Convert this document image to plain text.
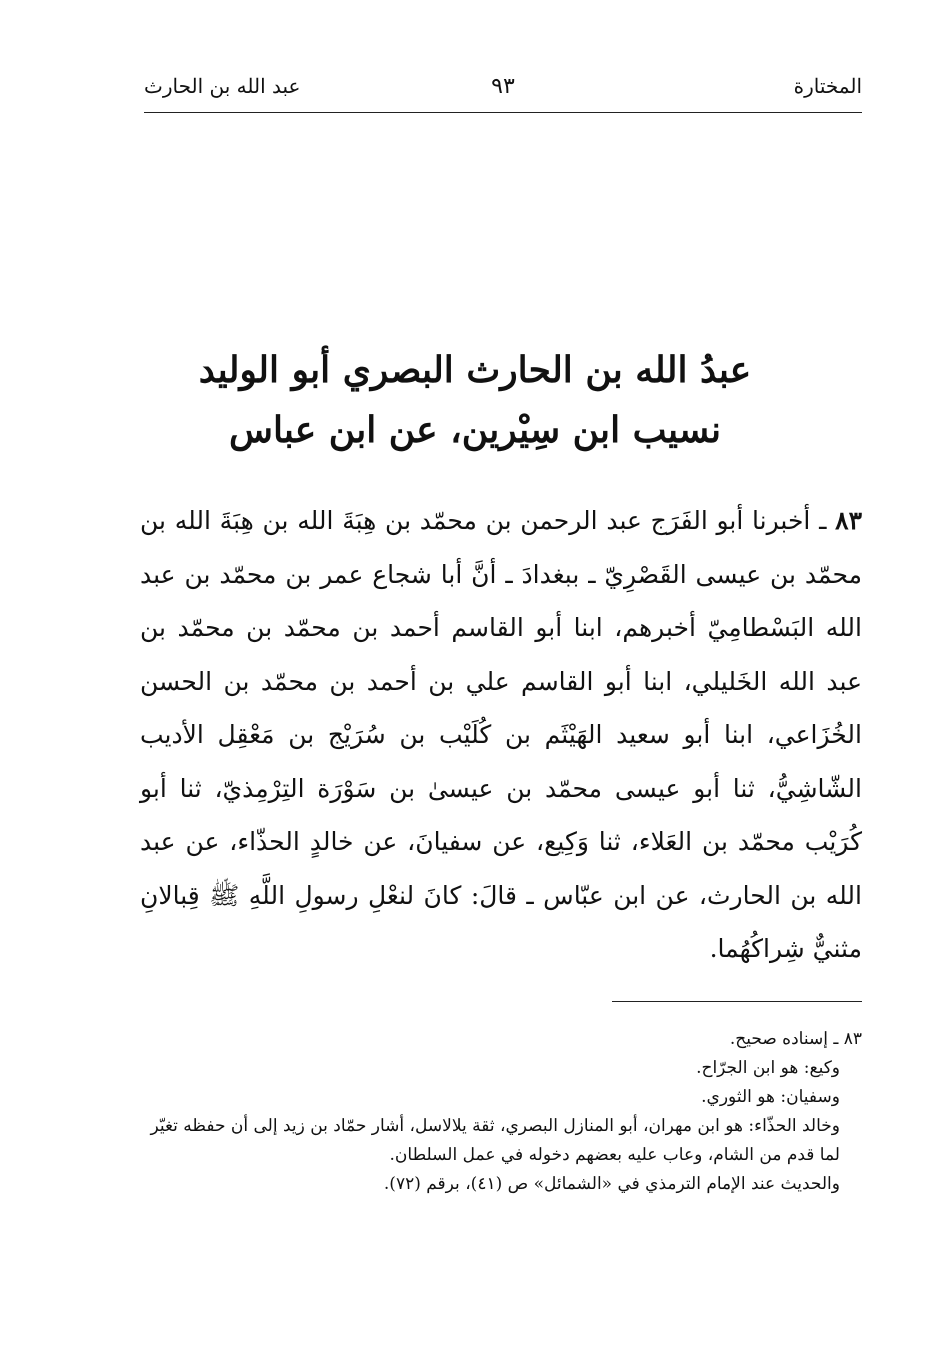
المختارة
٩٣
عبد الله بن الحارث
عبدُ الله بن الحارث البصري أبو الوليد
نسيب ابن سِيْرين، عن ابن عباس
٨٣ ـ أخبرنا أبو الفَرَج عبد الرحمن بن محمّد بن هِبَةَ الله بن هِبَةَ الله بن محمّد بن عيسى القَصْرِيّ ـ ببغدادَ ـ أنَّ أبا شجاع عمر بن محمّد بن عبد الله البَسْطامِيّ أخبرهم، ابنا أبو القاسم أحمد بن محمّد بن محمّد بن عبد الله الخَليلي، ابنا أبو القاسم علي بن أحمد بن محمّد بن الحسن الخُزَاعي، ابنا أبو سعيد الهَيْثَم بن كُلَيْب بن سُرَيْج بن مَعْقِل الأديب الشّاشِيُّ، ثنا أبو عيسى محمّد بن عيسىٰ بن سَوْرَة التِرْمِذيّ، ثنا أبو كُرَيْب محمّد بن العَلاء، ثنا وَكِيع، عن سفيانَ، عن خالدٍ الحذّاء، عن عبد الله بن الحارث، عن ابن عبّاس ـ قالَ: كانَ لنعْلِ رسولِ اللَّهِ ﷺ قِبالانِ مثنيٌّ شِراكُهُما.
٨٣ ـ إسناده صحيح.
وكيع: هو ابن الجرّاح.
وسفيان: هو الثوري.
وخالد الحذّاء: هو ابن مهران، أبو المنازل البصري، ثقة يلالاسل، أشار حمّاد بن زيد إلى أن حفظه تغيّر لما قدم من الشام، وعاب عليه بعضهم دخوله في عمل السلطان.
والحديث عند الإمام الترمذي في «الشمائل» ص (٤١)، برقم (٧٢).
